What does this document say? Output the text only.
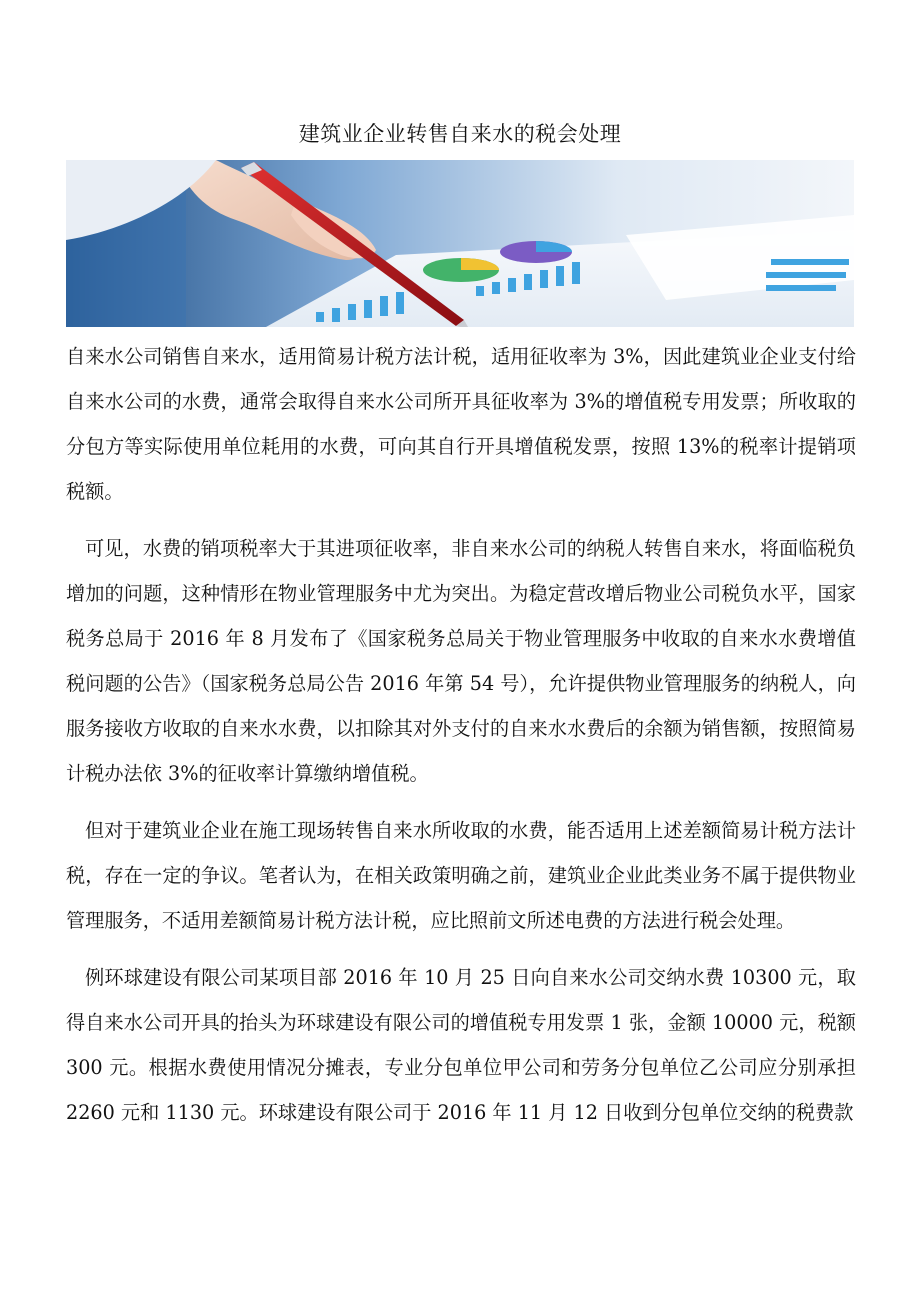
建筑业企业转售自来水的税会处理

自来水公司销售自来水，适用简易计税方法计税，适用征收率为 3%，因此建筑业企业支付给自来水公司的水费，通常会取得自来水公司所开具征收率为 3%的增值税专用发票；所收取的分包方等实际使用单位耗用的水费，可向其自行开具增值税发票，按照 13%的税率计提销项税额。

可见，水费的销项税率大于其进项征收率，非自来水公司的纳税人转售自来水，将面临税负增加的问题，这种情形在物业管理服务中尤为突出。为稳定营改增后物业公司税负水平，国家税务总局于 2016 年 8 月发布了《国家税务总局关于物业管理服务中收取的自来水水费增值税问题的公告》（国家税务总局公告 2016 年第 54 号），允许提供物业管理服务的纳税人，向服务接收方收取的自来水水费，以扣除其对外支付的自来水水费后的余额为销售额，按照简易计税办法依 3%的征收率计算缴纳增值税。

但对于建筑业企业在施工现场转售自来水所收取的水费，能否适用上述差额简易计税方法计税，存在一定的争议。笔者认为，在相关政策明确之前，建筑业企业此类业务不属于提供物业管理服务，不适用差额简易计税方法计税，应比照前文所述电费的方法进行税会处理。

例环球建设有限公司某项目部 2016 年 10 月 25 日向自来水公司交纳水费 10300 元，取得自来水公司开具的抬头为环球建设有限公司的增值税专用发票 1 张，金额 10000 元，税额 300 元。根据水费使用情况分摊表，专业分包单位甲公司和劳务分包单位乙公司应分别承担 2260 元和 1130 元。环球建设有限公司于 2016 年 11 月 12 日收到分包单位交纳的税费款
